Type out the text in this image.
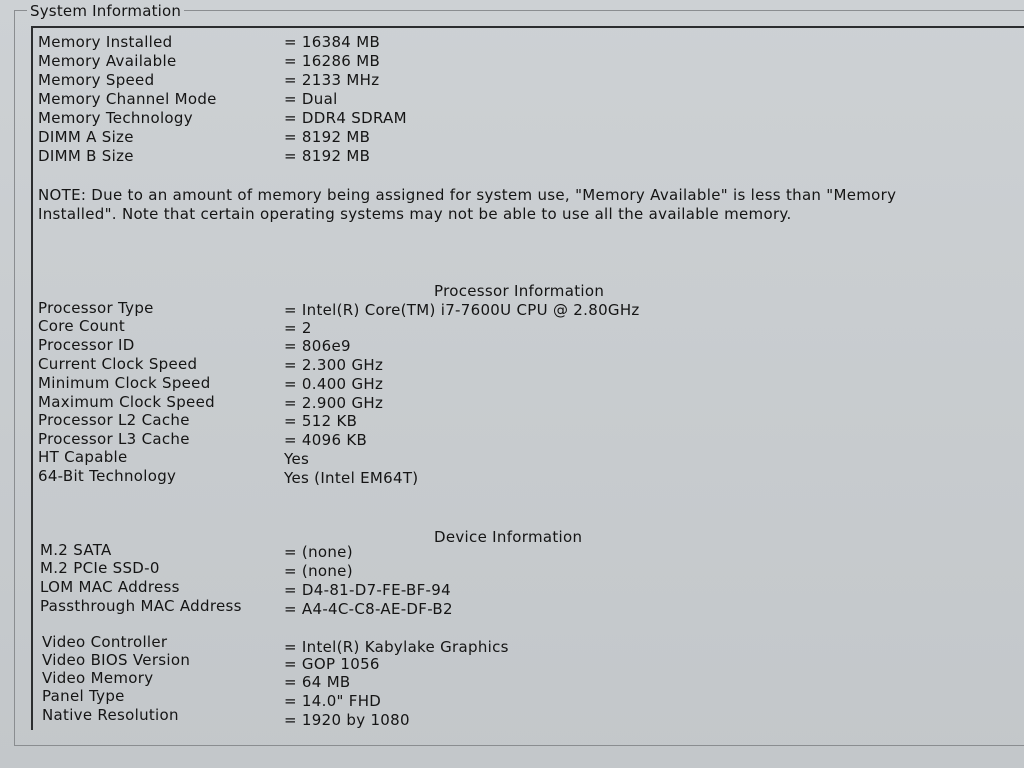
System Information
Memory Installed	= 16384 MB
Memory Available	= 16286 MB
Memory Speed	= 2133 MHz
Memory Channel Mode	= Dual
Memory Technology	= DDR4 SDRAM
DIMM A Size	= 8192 MB
DIMM B Size	= 8192 MB
NOTE: Due to an amount of memory being assigned for system use, "Memory Available" is less than "Memory Installed". Note that certain operating systems may not be able to use all the available memory.
Processor Information
Processor Type	= Intel(R) Core(TM) i7-7600U CPU @ 2.80GHz
Core Count	= 2
Processor ID	= 806e9
Current Clock Speed	= 2.300 GHz
Minimum Clock Speed	= 0.400 GHz
Maximum Clock Speed	= 2.900 GHz
Processor L2 Cache	= 512 KB
Processor L3 Cache	= 4096 KB
HT Capable	Yes
64-Bit Technology	Yes (Intel EM64T)
Device Information
M.2 SATA	= (none)
M.2 PCIe SSD-0	= (none)
LOM MAC Address	= D4-81-D7-FE-BF-94
Passthrough MAC Address	= A4-4C-C8-AE-DF-B2
Video Controller	= Intel(R) Kabylake Graphics
Video BIOS Version	= GOP 1056
Video Memory	= 64 MB
Panel Type	= 14.0" FHD
Native Resolution	= 1920 by 1080
